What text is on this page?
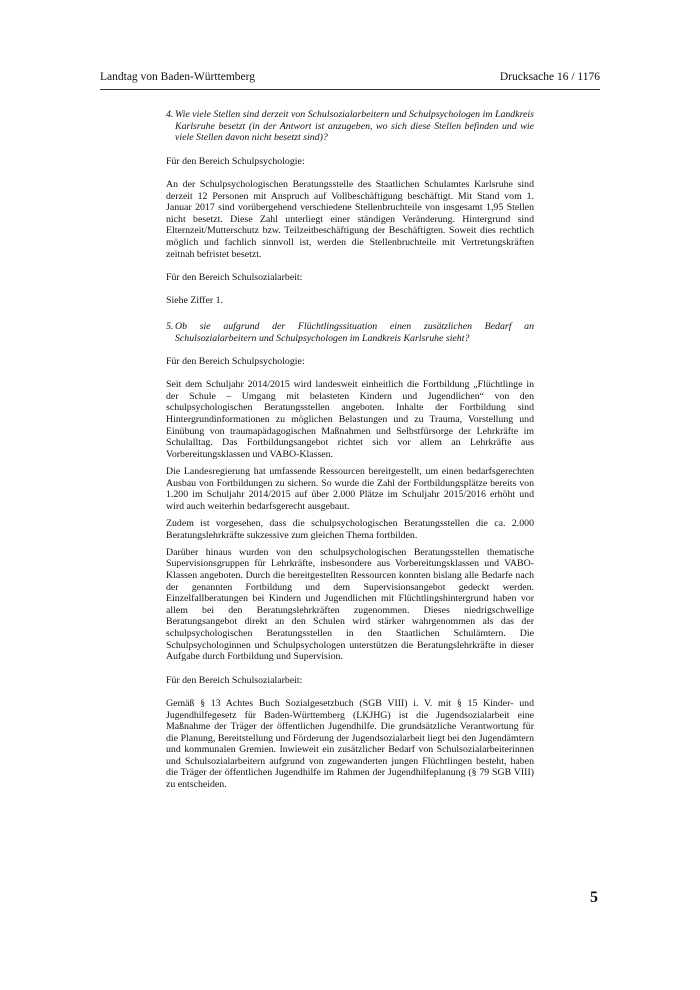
Landtag von Baden-Württemberg	Drucksache 16 / 1176

4. Wie viele Stellen sind derzeit von Schulsozialarbeitern und Schulpsychologen im Landkreis Karlsruhe besetzt (in der Antwort ist anzugeben, wo sich diese Stellen befinden und wie viele Stellen davon nicht besetzt sind)?

Für den Bereich Schulpsychologie:

An der Schulpsychologischen Beratungsstelle des Staatlichen Schulamtes Karlsruhe sind derzeit 12 Personen mit Anspruch auf Vollbeschäftigung beschäftigt. Mit Stand vom 1. Januar 2017 sind vorübergehend verschiedene Stellenbruchteile von insgesamt 1,95 Stellen nicht besetzt. Diese Zahl unterliegt einer ständigen Veränderung. Hintergrund sind Elternzeit/Mutterschutz bzw. Teilzeitbeschäftigung der Beschäftigten. Soweit dies rechtlich möglich und fachlich sinnvoll ist, werden die Stellenbruchteile mit Vertretungskräften zeitnah befristet besetzt.

Für den Bereich Schulsozialarbeit:

Siehe Ziffer 1.

5. Ob sie aufgrund der Flüchtlingssituation einen zusätzlichen Bedarf an Schulsozialarbeitern und Schulpsychologen im Landkreis Karlsruhe sieht?

Für den Bereich Schulpsychologie:

Seit dem Schuljahr 2014/2015 wird landesweit einheitlich die Fortbildung „Flüchtlinge in der Schule – Umgang mit belasteten Kindern und Jugendlichen“ von den schulpsychologischen Beratungsstellen angeboten. Inhalte der Fortbildung sind Hintergrundinformationen zu möglichen Belastungen und zu Trauma, Vorstellung und Einübung von traumapädagogischen Maßnahmen und Selbstfürsorge der Lehrkräfte im Schulalltag. Das Fortbildungsangebot richtet sich vor allem an Lehrkräfte aus Vorbereitungsklassen und VABO-Klassen.

Die Landesregierung hat umfassende Ressourcen bereitgestellt, um einen bedarfsgerechten Ausbau von Fortbildungen zu sichern. So wurde die Zahl der Fortbildungsplätze bereits von 1.200 im Schuljahr 2014/2015 auf über 2.000 Plätze im Schuljahr 2015/2016 erhöht und wird auch weiterhin bedarfsgerecht ausgebaut.

Zudem ist vorgesehen, dass die schulpsychologischen Beratungsstellen die ca. 2.000 Beratungslehrkräfte sukzessive zum gleichen Thema fortbilden.

Darüber hinaus wurden von den schulpsychologischen Beratungsstellen thematische Supervisionsgruppen für Lehrkräfte, insbesondere aus Vorbereitungsklassen und VABO-Klassen angeboten. Durch die bereitgestellten Ressourcen konnten bislang alle Bedarfe nach der genannten Fortbildung und dem Supervisionsangebot gedeckt werden. Einzelfallberatungen bei Kindern und Jugendlichen mit Flüchtlingshintergrund haben vor allem bei den Beratungslehrkräften zugenommen. Dieses niedrigschwellige Beratungsangebot direkt an den Schulen wird stärker wahrgenommen als das der schulpsychologischen Beratungsstellen in den Staatlichen Schulämtern. Die Schulpsychologinnen und Schulpsychologen unterstützen die Beratungslehrkräfte in dieser Aufgabe durch Fortbildung und Supervision.

Für den Bereich Schulsozialarbeit:

Gemäß § 13 Achtes Buch Sozialgesetzbuch (SGB VIII) i. V. mit § 15 Kinder- und Jugendhilfegesetz für Baden-Württemberg (LKJHG) ist die Jugendsozialarbeit eine Maßnahme der Träger der öffentlichen Jugendhilfe. Die grundsätzliche Verantwortung für die Planung, Bereitstellung und Förderung der Jugendsozialarbeit liegt bei den Jugendämtern und kommunalen Gremien. Inwieweit ein zusätzlicher Bedarf von Schulsozialarbeiterinnen und Schulsozialarbeitern aufgrund von zugewanderten jungen Flüchtlingen besteht, haben die Träger der öffentlichen Jugendhilfe im Rahmen der Jugendhilfeplanung (§ 79 SGB VIII) zu entscheiden.

5
